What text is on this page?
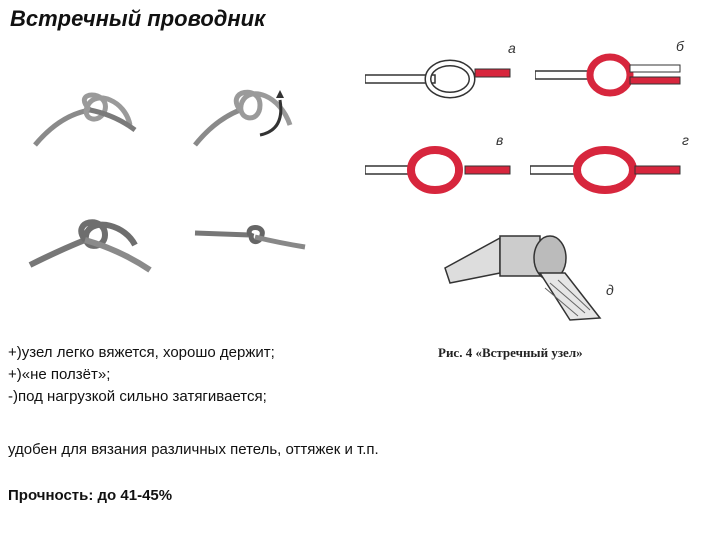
Встречный проводник
а	б
в	г
д
Рис. 4 «Встречный узел»
+)узел легко вяжется, хорошо держит;
+)«не ползёт»;
-)под нагрузкой сильно затягивается;
удобен для вязания различных петель, оттяжек и т.п.
Прочность: до 41-45%
